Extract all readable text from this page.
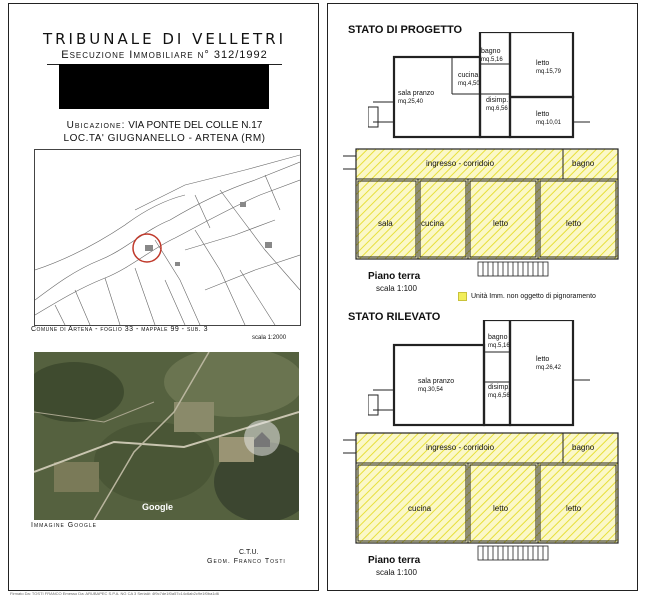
TRIBUNALE DI VELLETRI
Esecuzione Immobiliare n° 312/1992
Ubicazione: VIA PONTE DEL COLLE N.17
LOC.TA' GIUGNANELLO - ARTENA (RM)
Comune di Artena - foglio 33 - mappale 99 - sub. 3
scala 1:2000
Google
Immagine Google
C.T.U.
Geom. Franco Tosti
Firmato Da: TOSTI FRANCO Emesso Da: ARUBAPEC S.P.A. NG CA 3 Serial#: 4f9c7de1f0a57c14c6ab2c9e1f0ba1d6
STATO DI PROGETTO
bagno
mq.5,16	letto
mq.15,79
cucina
mq.4,50
sala pranzo
mq.25,40	disimp.
mq.6,56
letto
mq.10,01
ingresso - corridoio	bagno
sala	cucina	letto	letto
Piano terra
scala 1:100
Unità Imm. non oggetto di pignoramento
STATO RILEVATO
bagno
mq.5,16
letto
mq.26,42
sala pranzo
mq.30,54	disimp.
mq.6,56
ingresso - corridoio	bagno
cucina	letto	letto
Piano terra
scala 1:100
